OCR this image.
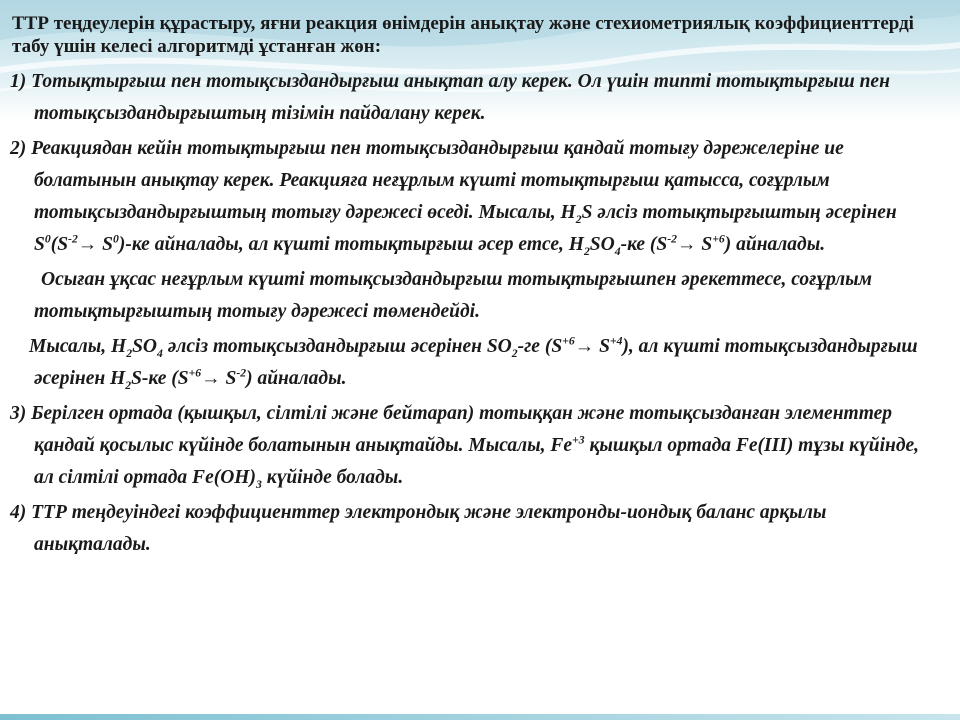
ТТР теңдеулерін құрастыру, яғни реакция өнімдерін анықтау және стехиометриялық коэффициенттерді табу үшін келесі алгоритмді ұстанған жөн:
1) Тотықтырғыш пен тотықсыздандырғыш анықтап алу керек. Ол үшін типті тотықтырғыш пен тотықсыздандырғыштың тізімін пайдалану керек.
2) Реакциядан кейін тотықтырғыш пен тотықсыздандырғыш қандай тотығу дәрежелеріне ие болатынын анықтау керек. Реакцияға неғұрлым күшті тотықтырғыш қатысса, соғұрлым тотықсыздандырғыштың тотығу дәрежесі өседі. Мысалы, $H_2S$ әлсіз тотықтырғыштың әсерінен $S^0(S^{-2}\to S^0)-ке$ айналады, ал күшті тотықтырғыш әсер етсе, $H_2SO_4-ке$ $(S^{-2}\to S^{+6})$ айналады.
Осыған ұқсас неғұрлым күшті тотықсыздандырғыш тотықтырғышпен әрекеттесе, соғұрлым тотықтырғыштың тотығу дәрежесі төмендейді.
Мысалы, $H_2SO_4$ әлсіз тотықсыздандырғыш әсерінен $SO_2-ге$ $(S^{+6}\to S^{+4})$, ал күшті тотықсыздандырғыш әсерінен $H_2S-ке$ $(S^{+6}\to S^{-2})$ айналады.
3) Берілген ортада (қышқыл, сілтілі және бейтарап) тотыққан және тотықсызданған элементтер қандай қосылыс күйінде болатынын анықтайды. Мысалы, $Fe^{+3}$ қышқыл ортада Fe(III) тұзы күйінде, ал сілтілі ортада $Fe(OH)_3$ күйінде болады.
4) ТТР теңдеуіндегі коэффициенттер электрондық және электронды-иондық баланс арқылы анықталады.
